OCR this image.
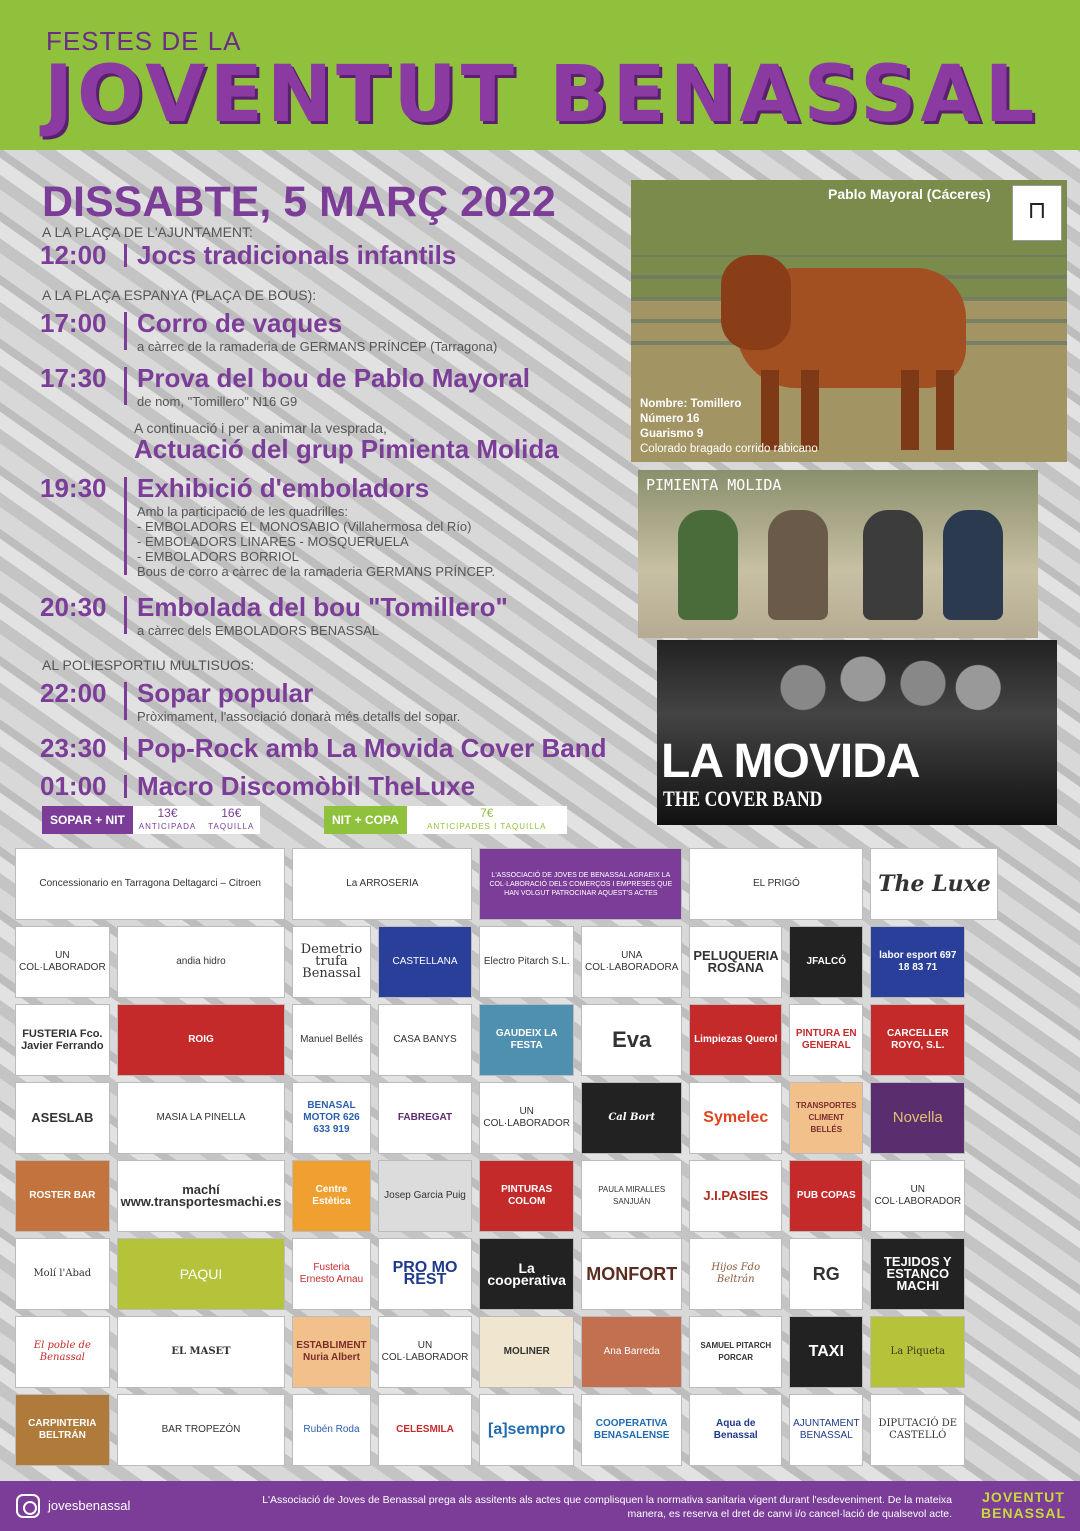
FESTES DE LA
JOVENTUT BENASSAL
DISSABTE, 5 MARÇ 2022
A LA PLAÇA DE L'AJUNTAMENT:
12:00	Jocs tradicionals infantils
A LA PLAÇA ESPANYA (PLAÇA DE BOUS):
17:00	Corro de vaques
a càrrec de la ramaderia de GERMANS PRÍNCEP (Tarragona)
17:30	Prova del bou de Pablo Mayoral
de nom, "Tomillero" N16 G9
A continuació i per a animar la vesprada,
Actuació del grup Pimienta Molida
19:30	Exhibició d'emboladors
Amb la participació de les quadrilles:
- EMBOLADORS EL MONOSABIO (Villahermosa del Río)
- EMBOLADORS LINARES - MOSQUERUELA
- EMBOLADORS BORRIOL
Bous de corro a càrrec de la ramaderia GERMANS PRÍNCEP.
20:30	Embolada del bou "Tomillero"
a càrrec dels EMBOLADORS BENASSAL
AL POLIESPORTIU MULTISUOS:
22:00	Sopar popular
Pròximament, l'associació donarà més detalls del sopar.
23:30	Pop-Rock amb La Movida Cover Band
01:00	Macro Discomòbil TheLuxe
Pablo Mayoral (Cáceres)
⊓
Nombre: Tomillero
Número 16
Guarismo 9
Colorado bragado corrido rabicano
PIMIENTA MOLIDA
LA MOVIDA
THE COVER BAND
SOPAR + NIT	13€
ANTICIPADA
16€
TAQUILLA	NIT + COPA	7€
ANTICIPADES I TAQUILLA
Concessionario en Tarragona Deltagarci – Citroen	La ARROSERIA
L'ASSOCIACIÓ DE JOVES DE BENASSAL AGRAEIX LA COL·LABORACIÓ DELS COMERÇOS I EMPRESES QUE HAN VOLGUT PATROCINAR AQUEST'S ACTES
EL PRIGÓ	The Luxe
UN COL·LABORADOR
andia hidro
Demetrio trufa Benassal
CASTELLANA	Electro Pitarch S.L.
UNA COL·LABORADORA
PELUQUERIA ROSANA	JFALCÓ
labor esport 697 18 83 71
FUSTERIA Fco. Javier Ferrando
ROIG	Manuel Bellés	CASA BANYS
GAUDEIX LA FESTA	Eva	Limpiezas Querol
PINTURA EN GENERAL
CARCELLER ROYO, S.L.
ASESLAB	MASIA LA PINELLA
BENASAL MOTOR 626 633 919
FABREGAT
UN COL·LABORADOR
Cal Bort	Symelec
TRANSPORTES CLIMENT BELLÉS
Novella
ROSTER BAR	machí www.transportesmachi.es
Centre Estètica
Josep Garcia Puig
PINTURAS COLOM
PAULA MIRALLES SANJUÁN	J.I.PASIES	PUB COPAS
UN COL·LABORADOR
Molí l'Abad	PAQUI	Fusteria Ernesto Arnau
PRO MO REST
La cooperativa	MONFORT	Hijos Fdo Beltrán	RG
TEJIDOS Y ESTANCO MACHI
El poble de Benassal
EL MASET
ESTABLIMENT Nuria Albert
UN COL·LABORADOR
MOLINER	Ana Barreda
SAMUEL PITARCH PORCAR	TAXI	La Piqueta
CARPINTERIA BELTRÁN
BAR TROPEZÓN	Rubén Roda	CELESMILA	[a]sempro	COOPERATIVA BENASALENSE
Aqua de Benassal
AJUNTAMENT BENASSAL
DIPUTACIÓ DE CASTELLÓ
jovesbenassal	L'Associació de Joves de Benassal prega als assitents als actes que complisquen la normativa sanitaria vigent durant l'esdeveniment. De la mateixa manera, es reserva el dret de canvi i/o cancel·lació de qualsevol acte.
JOVENTUT
BENASSAL
